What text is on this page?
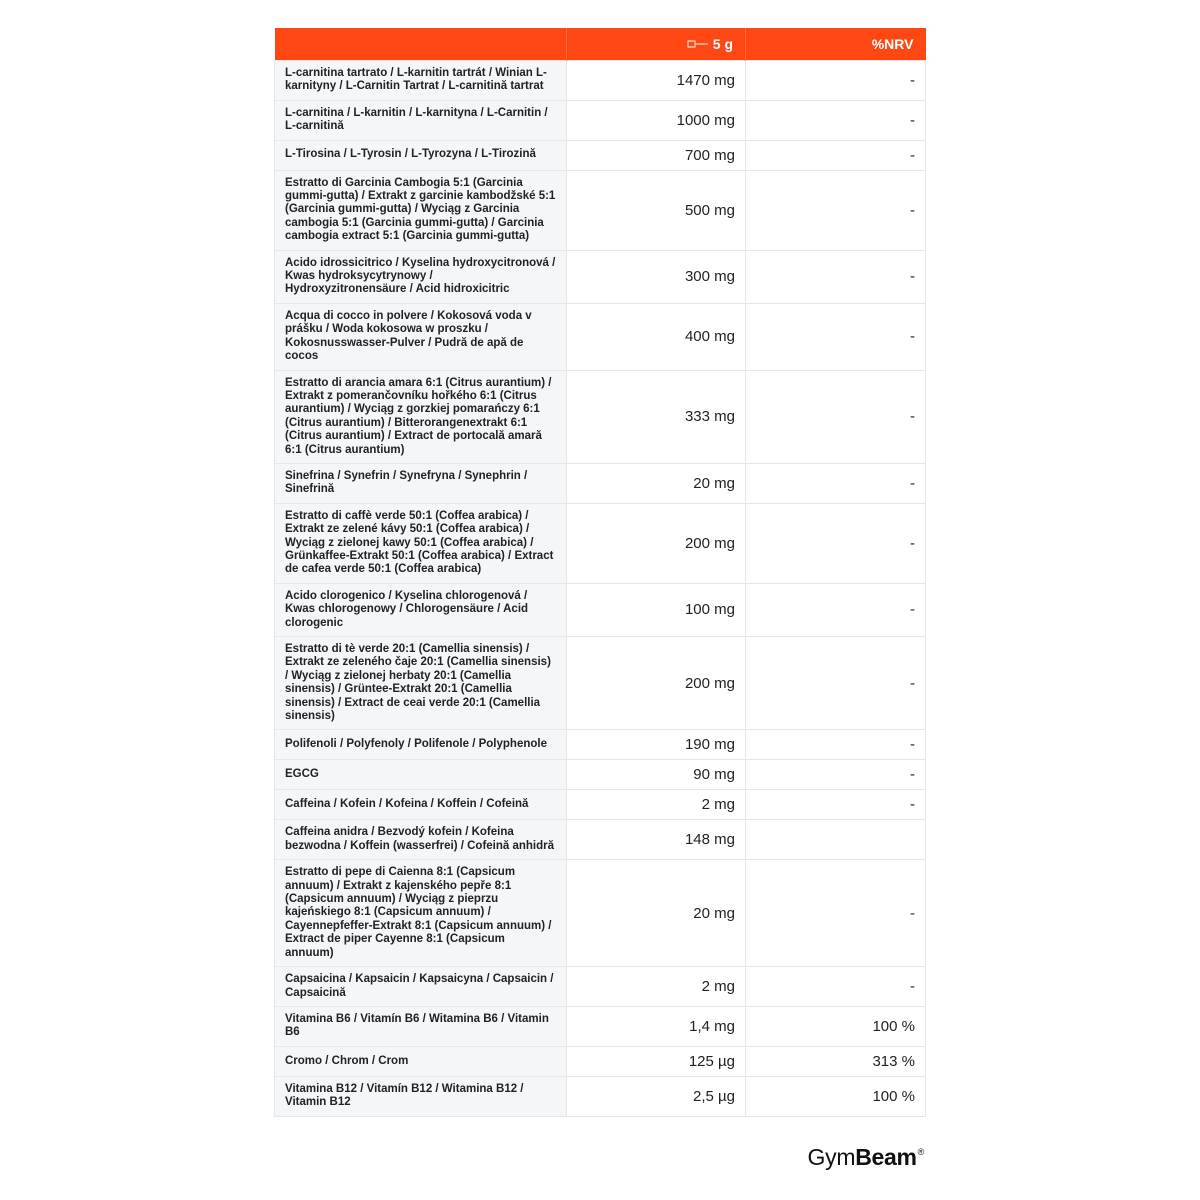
	5 g	%NRV
L-carnitina tartrato / L-karnitin tartrát / Winian L-karnityny / L-Carnitin Tartrat / L-carnitină tartrat	1470 mg	-
L-carnitina / L-karnitin / L-karnityna / L-Carnitin / L-carnitină	1000 mg	-
L-Tirosina / L-Tyrosin / L-Tyrozyna / L-Tirozină	700 mg	-
Estratto di Garcinia Cambogia 5:1 (Garcinia gummi-gutta) / Extrakt z garcinie kambodžské 5:1 (Garcinia gummi-gutta) / Wyciąg z Garcinia cambogia 5:1 (Garcinia gummi-gutta) / Garcinia cambogia extract 5:1 (Garcinia gummi-gutta)	500 mg	-
Acido idrossicitrico / Kyselina hydroxycitronová / Kwas hydroksycytrynowy / Hydroxyzitronensäure / Acid hidroxicitric	300 mg	-
Acqua di cocco in polvere / Kokosová voda v prášku / Woda kokosowa w proszku / Kokosnusswasser-Pulver / Pudră de apă de cocos	400 mg	-
Estratto di arancia amara 6:1 (Citrus aurantium) / Extrakt z pomerančovníku hořkého 6:1 (Citrus aurantium) / Wyciąg z gorzkiej pomarańczy 6:1 (Citrus aurantium) / Bitterorangenextrakt 6:1 (Citrus aurantium) / Extract de portocală amară 6:1 (Citrus aurantium)	333 mg	-
Sinefrina / Synefrin / Synefryna / Synephrin / Sinefrină	20 mg	-
Estratto di caffè verde 50:1 (Coffea arabica) / Extrakt ze zelené kávy 50:1 (Coffea arabica) / Wyciąg z zielonej kawy 50:1 (Coffea arabica) / Grünkaffee-Extrakt 50:1 (Coffea arabica) / Extract de cafea verde 50:1 (Coffea arabica)	200 mg	-
Acido clorogenico / Kyselina chlorogenová / Kwas chlorogenowy / Chlorogensäure / Acid clorogenic	100 mg	-
Estratto di tè verde 20:1 (Camellia sinensis) / Extrakt ze zeleného čaje 20:1 (Camellia sinensis) / Wyciąg z zielonej herbaty 20:1 (Camellia sinensis) / Grüntee-Extrakt 20:1 (Camellia sinensis) / Extract de ceai verde 20:1 (Camellia sinensis)	200 mg	-
Polifenoli / Polyfenoly / Polifenole / Polyphenole	190 mg	-
EGCG	90 mg	-
Caffeina / Kofein / Kofeina / Koffein / Cofeină	2 mg	-
Caffeina anidra / Bezvodý kofein / Kofeina bezwodna / Koffein (wasserfrei) / Cofeină anhidră	148 mg	
Estratto di pepe di Caienna 8:1 (Capsicum annuum) / Extrakt z kajenského pepře 8:1 (Capsicum annuum) / Wyciąg z pieprzu kajeńskiego 8:1 (Capsicum annuum) / Cayennepfeffer-Extrakt 8:1 (Capsicum annuum) / Extract de piper Cayenne 8:1 (Capsicum annuum)	20 mg	-
Capsaicina / Kapsaicin / Kapsaicyna / Capsaicin / Capsaicină	2 mg	-
Vitamina B6 / Vitamín B6 / Witamina B6 / Vitamin B6	1,4 mg	100 %
Cromo / Chrom / Crom	125 µg	313 %
Vitamina B12 / Vitamín B12 / Witamina B12 / Vitamin B12	2,5 µg	100 %
Gym Beam ®
